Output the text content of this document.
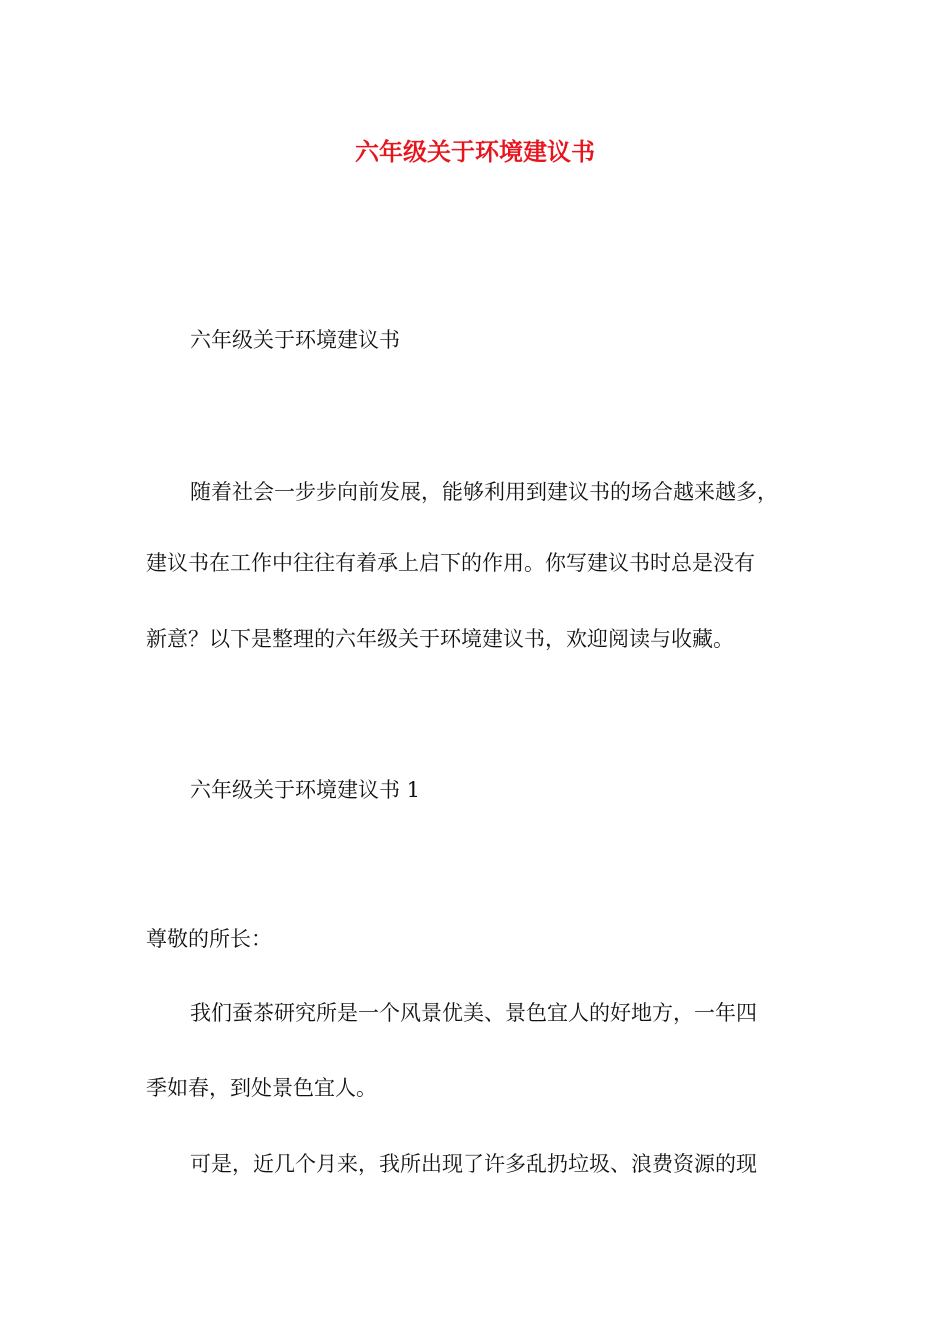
六年级关于环境建议书
六年级关于环境建议书
随着社会一步步向前发展，能够利用到建议书的场合越来越多，
建议书在工作中往往有着承上启下的作用。你写建议书时总是没有
新意？以下是整理的六年级关于环境建议书，欢迎阅读与收藏。
六年级关于环境建议书 1
尊敬的所长：
我们蚕茶研究所是一个风景优美、景色宜人的好地方，一年四
季如春，到处景色宜人。
可是，近几个月来，我所出现了许多乱扔垃圾、浪费资源的现
